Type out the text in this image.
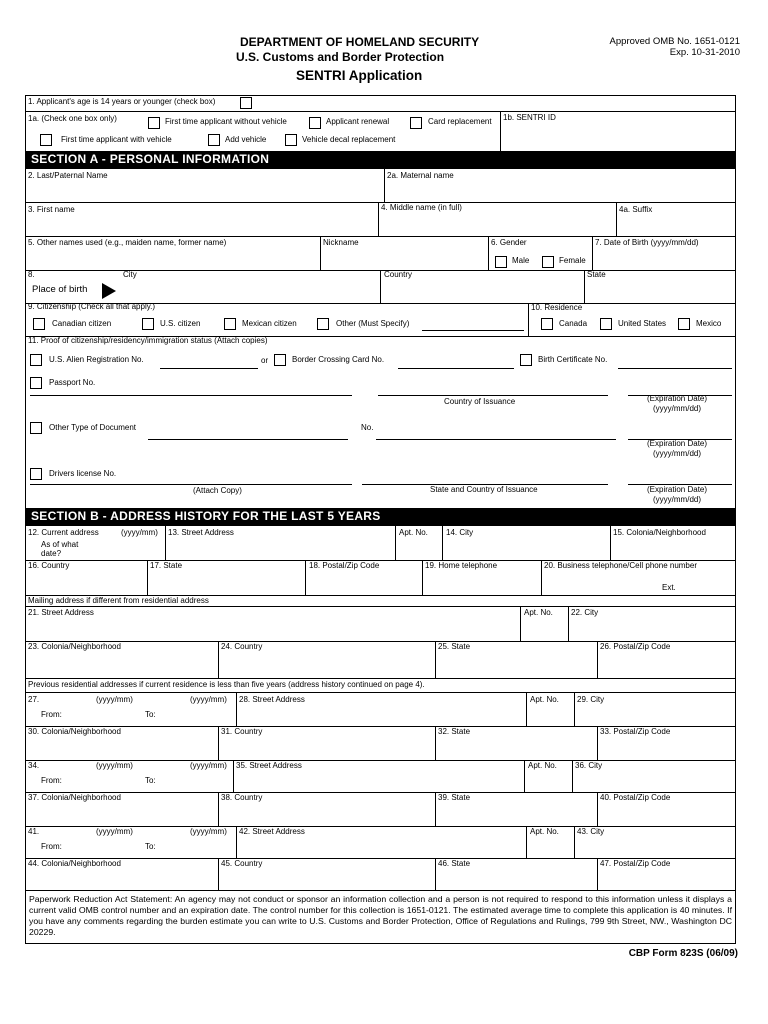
DEPARTMENT OF HOMELAND SECURITY
U.S. Customs and Border Protection
SENTRI Application
Approved OMB No. 1651-0121
Exp. 10-31-2010
1. Applicant's age is 14 years or younger (check box)
1a. (Check one box only)	First time applicant without vehicle	Applicant renewal	Card replacement 1b. SENTRI ID
First time applicant with vehicle	Add vehicle	Vehicle decal replacement
SECTION A - PERSONAL INFORMATION
2. Last/Paternal Name	2a. Maternal name
3. First name	4. Middle name (in full)	4a. Suffix
5. Other names used (e.g., maiden name, former name)	Nickname	6. Gender
Male	Female
7. Date of Birth (yyyy/mm/dd)
8.	City
Place of birth
Country	State
9. Citizenship (Check all that apply.)
Canadian citizen	U.S. citizen	Mexican citizen	Other (Must Specify)
10. Residence
Canada	United States	Mexico
11. Proof of citizenship/residency/immigration status (Attach copies)
U.S. Alien Registration No.	or	Border Crossing Card No.	Birth Certificate No.
Passport No.
Country of Issuance	(Expiration Date)
(yyyy/mm/dd)
Other Type of Document	No.
(Expiration Date)
(yyyy/mm/dd)
Drivers license No.
(Attach Copy)	State and Country of Issuance	(Expiration Date)
(yyyy/mm/dd)
SECTION B - ADDRESS HISTORY FOR THE LAST 5 YEARS
12. Current address	(yyyy/mm)
As of what
date?
13. Street Address	Apt. No. 14. City	15. Colonia/Neighborhood
16. Country	17. State	18. Postal/Zip Code	19. Home telephone	20. Business telephone/Cell phone number
Ext.
Mailing address if different from residential address
21. Street Address	Apt. No. 22. City
23. Colonia/Neighborhood	24. Country	25. State	26. Postal/Zip Code
Previous residential addresses if current residence is less than five years (address history continued on page 4).
27.	(yyyy/mm)	(yyyy/mm)
From:	To:
28. Street Address	Apt. No. 29. City
30. Colonia/Neighborhood	31. Country	32. State	33. Postal/Zip Code
34.	(yyyy/mm)	(yyyy/mm)
From:	To:
35. Street Address	Apt. No. 36. City
37. Colonia/Neighborhood	38. Country	39. State	40. Postal/Zip Code
41.	(yyyy/mm)	(yyyy/mm)
From:	To:
42. Street Address	Apt. No. 43. City
44. Colonia/Neighborhood	45. Country	46. State	47. Postal/Zip Code
Paperwork Reduction Act Statement: An agency may not conduct or sponsor an information collection and a person is not required to respond to this information unless it displays a current valid OMB control number and an expiration date. The control number for this collection is 1651-0121. The estimated average time to complete this application is 40 minutes. If you have any comments regarding the burden estimate you can write to U.S. Customs and Border Protection, Office of Regulations and Rulings, 799 9th Street, NW., Washington DC 20229.
CBP Form 823S (06/09)
